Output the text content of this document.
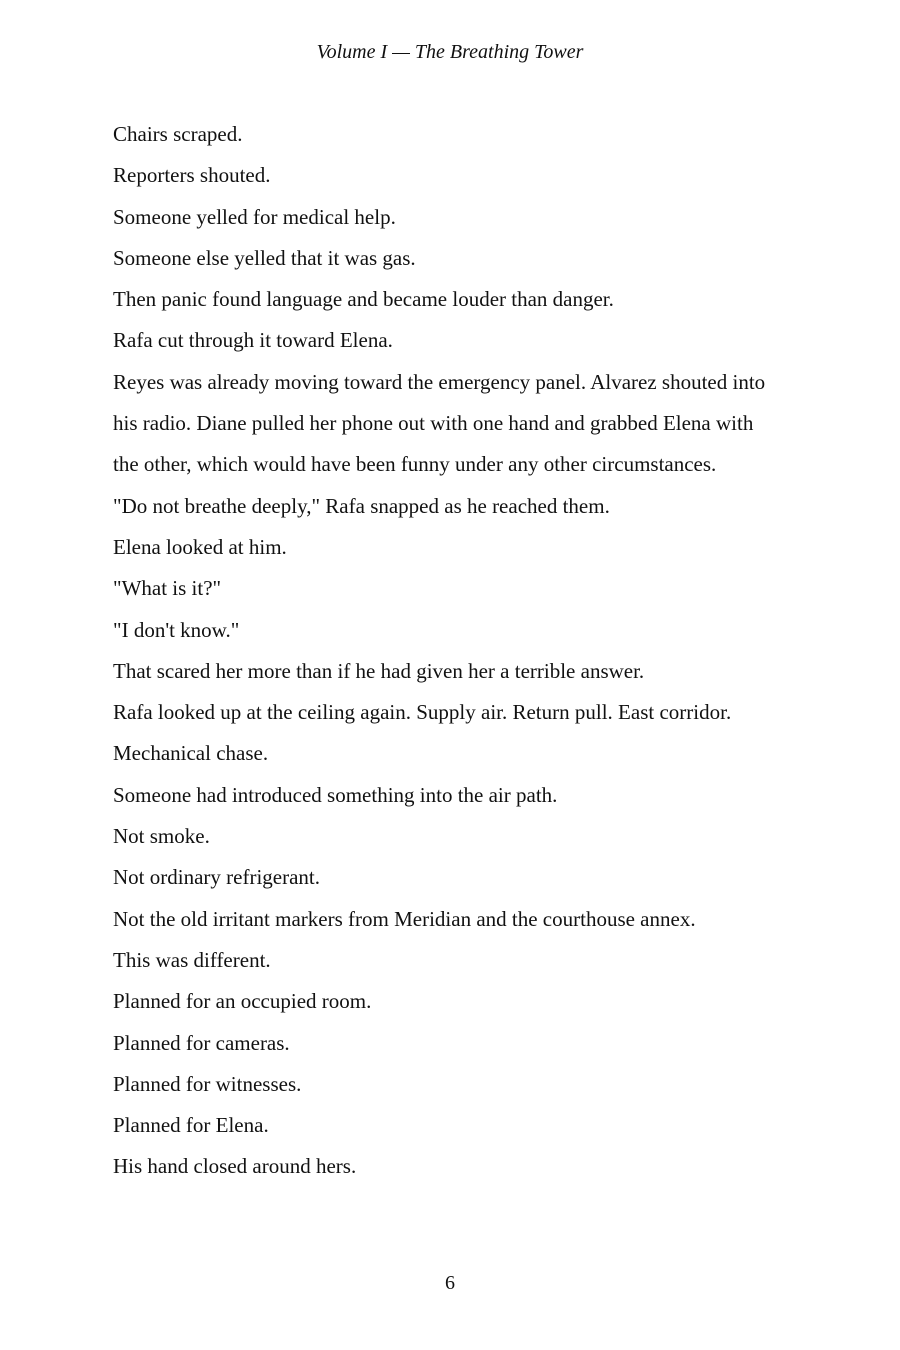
Volume I — The Breathing Tower

Chairs scraped.

Reporters shouted.

Someone yelled for medical help.

Someone else yelled that it was gas.

Then panic found language and became louder than danger.

Rafa cut through it toward Elena.

Reyes was already moving toward the emergency panel. Alvarez shouted into his radio. Diane pulled her phone out with one hand and grabbed Elena with the other, which would have been funny under any other circumstances.

"Do not breathe deeply," Rafa snapped as he reached them.

Elena looked at him.

"What is it?"

"I don't know."

That scared her more than if he had given her a terrible answer.

Rafa looked up at the ceiling again. Supply air. Return pull. East corridor. Mechanical chase.

Someone had introduced something into the air path.

Not smoke.

Not ordinary refrigerant.

Not the old irritant markers from Meridian and the courthouse annex.

This was different.

Planned for an occupied room.

Planned for cameras.

Planned for witnesses.

Planned for Elena.

His hand closed around hers.

6
